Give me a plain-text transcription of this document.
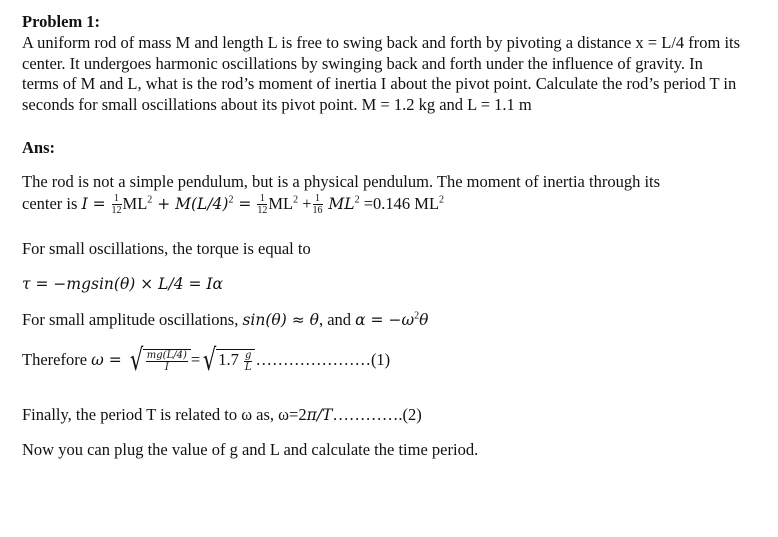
Problem 1:
A uniform rod of mass M and length L is free to swing back and forth by pivoting a distance x = L/4 from its center. It undergoes harmonic oscillations by swinging back and forth under the influence of gravity. In terms of M and L, what is the rod’s moment of inertia I about the pivot point. Calculate the rod’s period T in seconds for small oscillations about its pivot point. M = 1.2 kg and L = 1.1 m
Ans:
The rod is not a simple pendulum, but is a physical pendulum. The moment of inertia through its
center is $I = \frac{1}{12} ML^2 + M(L/4)^2 = \frac{1}{12} ML^2 + \frac{1}{16} ML^2 =0.146$ $ML^2$
For small oscillations, the torque is equal to
τ = −mgsin(θ) × L/4 = Iα
For small amplitude oscillations, sin(θ) ≈ θ, and $\alpha = -\omega^2\theta$
Therefore ω = √ $\frac{mg(L/4)}{I}$ =√ $1.7 \frac{g}{L}$ …………………(1)
Finally, the period T is related to ω as, ω=2π/T………….(2)
Now you can plug the value of g and L and calculate the time period.
